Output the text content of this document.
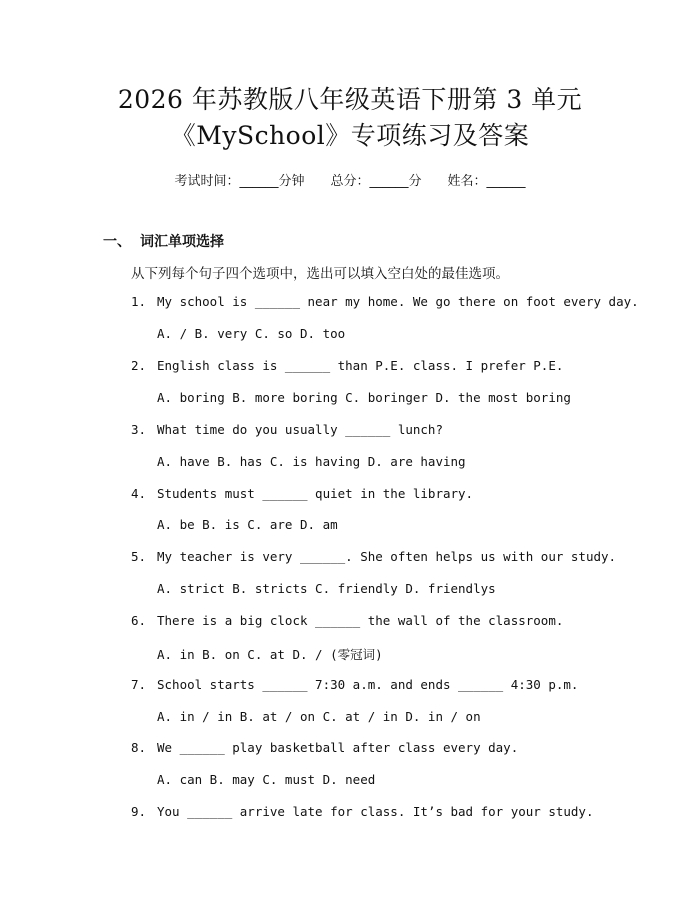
2026 年苏教版八年级英语下册第 3 单元
《MySchool》专项练习及答案
考试时间：______分钟 总分：______分 姓名：______
一、 词汇单项选择
从下列每个句子四个选项中，选出可以填入空白处的最佳选项。
1. My school is ______ near my home. We go there on foot every day.
A. / B. very C. so D. too
2. English class is ______ than P.E. class. I prefer P.E.
A. boring B. more boring C. boringer D. the most boring
3. What time do you usually ______ lunch?
A. have B. has C. is having D. are having
4. Students must ______ quiet in the library.
A. be B. is C. are D. am
5. My teacher is very ______. She often helps us with our study.
A. strict B. stricts C. friendly D. friendlys
6. There is a big clock ______ the wall of the classroom.
A. in B. on C. at D. / (零冠词)
7. School starts ______ 7:30 a.m. and ends ______ 4:30 p.m.
A. in / in B. at / on C. at / in D. in / on
8. We ______ play basketball after class every day.
A. can B. may C. must D. need
9. You ______ arrive late for class. It’s bad for your study.
